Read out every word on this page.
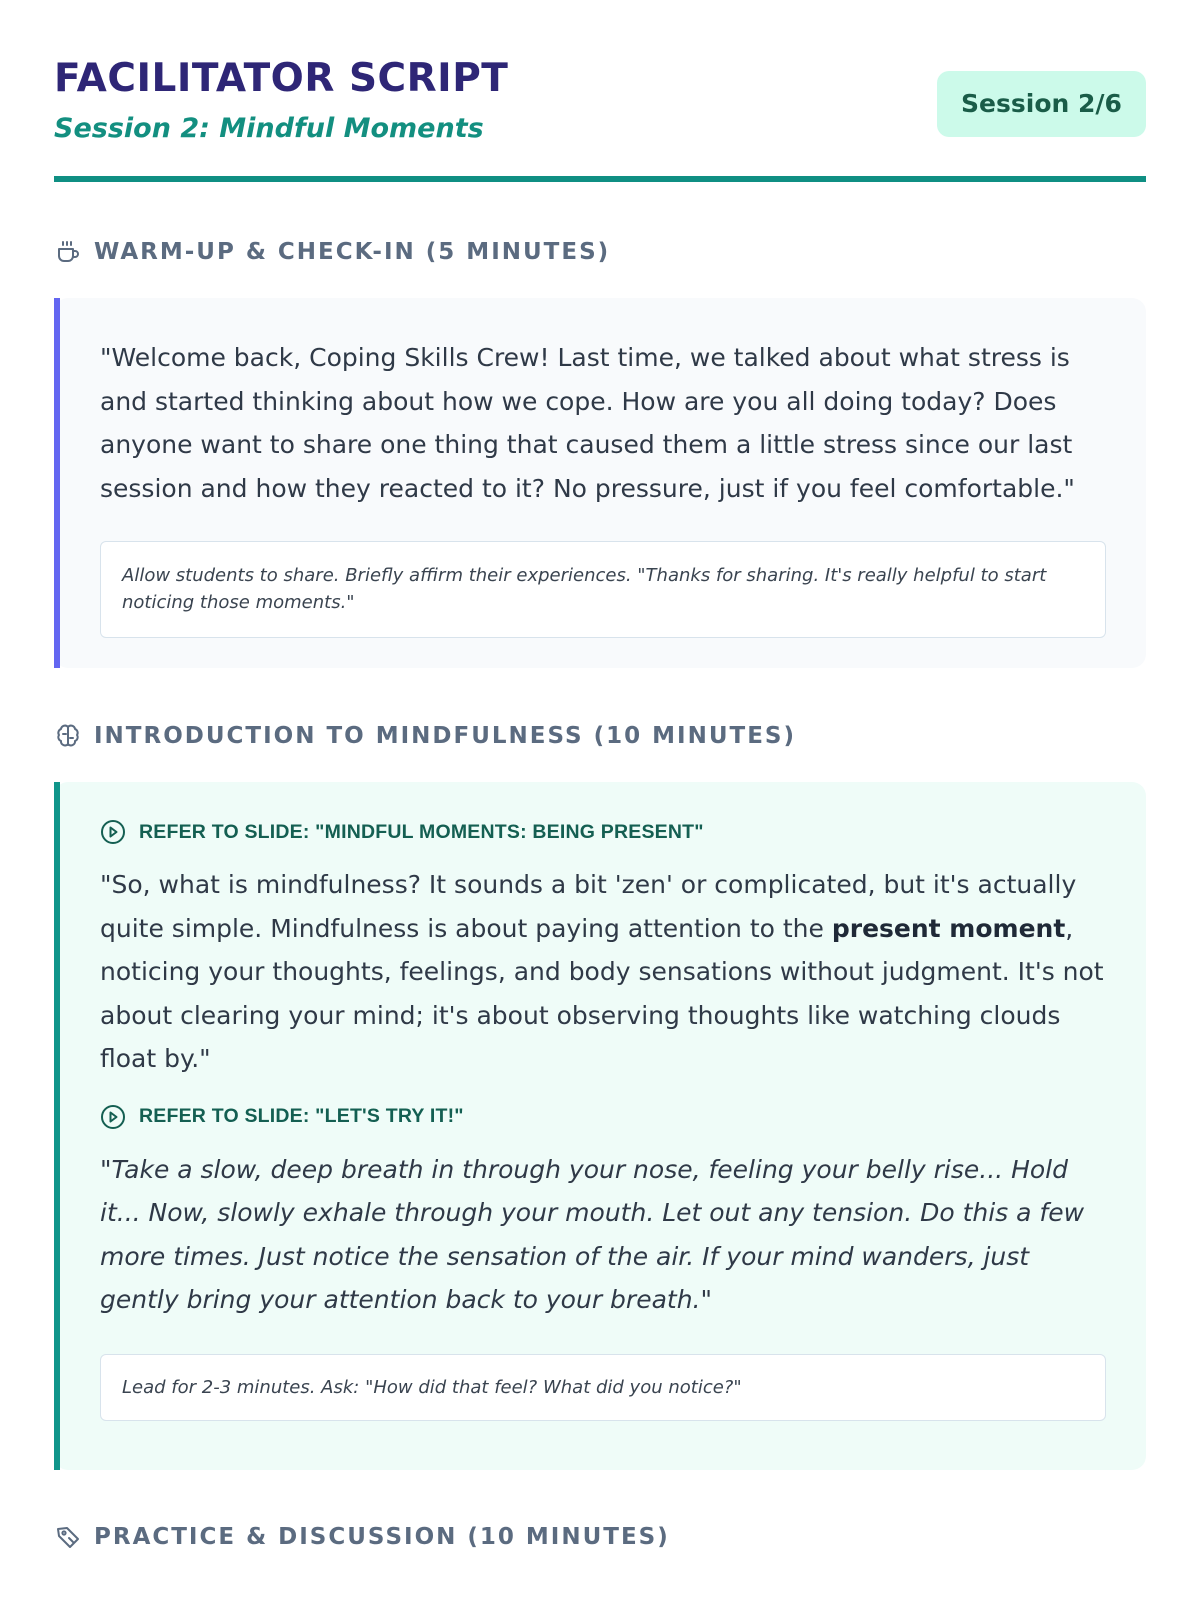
FACILITATOR SCRIPT

Session 2: Mindful Moments

Session 2/6
WARM-UP & CHECK-IN (5 MINUTES)

"Welcome back, Coping Skills Crew! Last time, we talked about what stress is and started thinking about how we cope. How are you all doing today? Does anyone want to share one thing that caused them a little stress since our last session and how they reacted to it? No pressure, just if you feel comfortable."

Allow students to share. Briefly affirm their experiences. "Thanks for sharing. It's really helpful to start noticing those moments."
INTRODUCTION TO MINDFULNESS (10 MINUTES)
REFER TO SLIDE: "MINDFUL MOMENTS: BEING PRESENT"

"So, what is mindfulness? It sounds a bit 'zen' or complicated, but it's actually quite simple. Mindfulness is about paying attention to the present moment, noticing your thoughts, feelings, and body sensations without judgment. It's not about clearing your mind; it's about observing thoughts like watching clouds float by."

REFER TO SLIDE: "LET'S TRY IT!"

"Take a slow, deep breath in through your nose, feeling your belly rise... Hold it... Now, slowly exhale through your mouth. Let out any tension. Do this a few more times. Just notice the sensation of the air. If your mind wanders, just gently bring your attention back to your breath."

Lead for 2-3 minutes. Ask: "How did that feel? What did you notice?"
PRACTICE & DISCUSSION (10 MINUTES)
